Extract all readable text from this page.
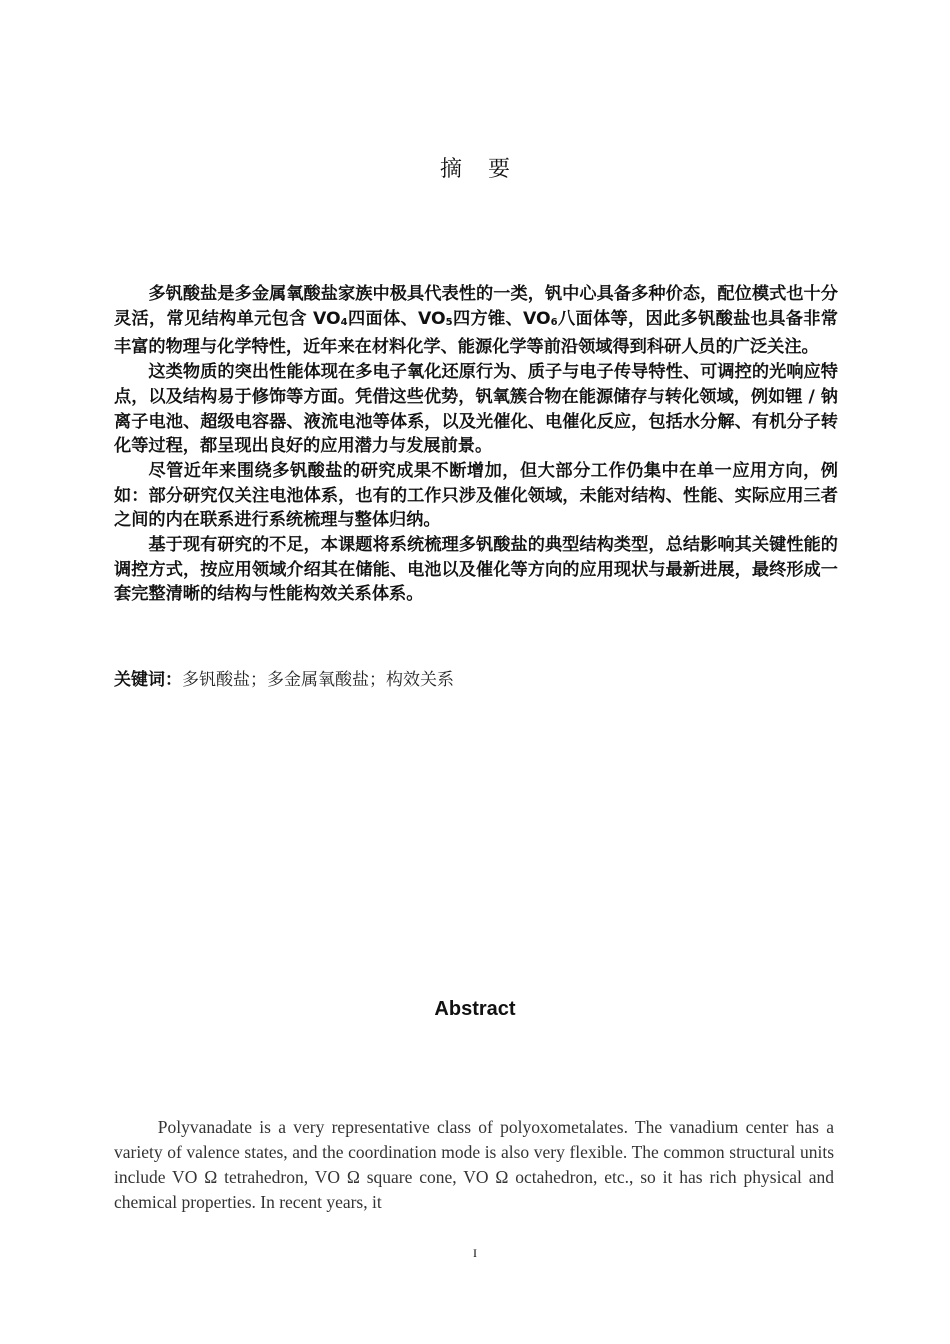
摘要

多钒酸盐是多金属氧酸盐家族中极具代表性的一类，钒中心具备多种价态，配位模式也十分灵活，常见结构单元包含 VO4四面体、VO5四方锥、VO6八面体等，因此多钒酸盐也具备非常丰富的物理与化学特性，近年来在材料化学、能源化学等前沿领域得到科研人员的广泛关注。

这类物质的突出性能体现在多电子氧化还原行为、质子与电子传导特性、可调控的光响应特点，以及结构易于修饰等方面。凭借这些优势，钒氧簇合物在能源储存与转化领域，例如锂 / 钠离子电池、超级电容器、液流电池等体系，以及光催化、电催化反应，包括水分解、有机分子转化等过程，都呈现出良好的应用潜力与发展前景。

尽管近年来围绕多钒酸盐的研究成果不断增加，但大部分工作仍集中在单一应用方向，例如：部分研究仅关注电池体系，也有的工作只涉及催化领域，未能对结构、性能、实际应用三者之间的内在联系进行系统梳理与整体归纳。

基于现有研究的不足，本课题将系统梳理多钒酸盐的典型结构类型，总结影响其关键性能的调控方式，按应用领域介绍其在储能、电池以及催化等方向的应用现状与最新进展，最终形成一套完整清晰的结构与性能构效关系体系。

关键词：多钒酸盐；多金属氧酸盐；构效关系
Abstract

Polyvanadate is a very representative class of polyoxometalates. The vanadium center has a variety of valence states, and the coordination mode is also very flexible. The common structural units include VO Ω tetrahedron, VO Ω square cone, VO Ω octahedron, etc., so it has rich physical and chemical properties. In recent years, it

I
